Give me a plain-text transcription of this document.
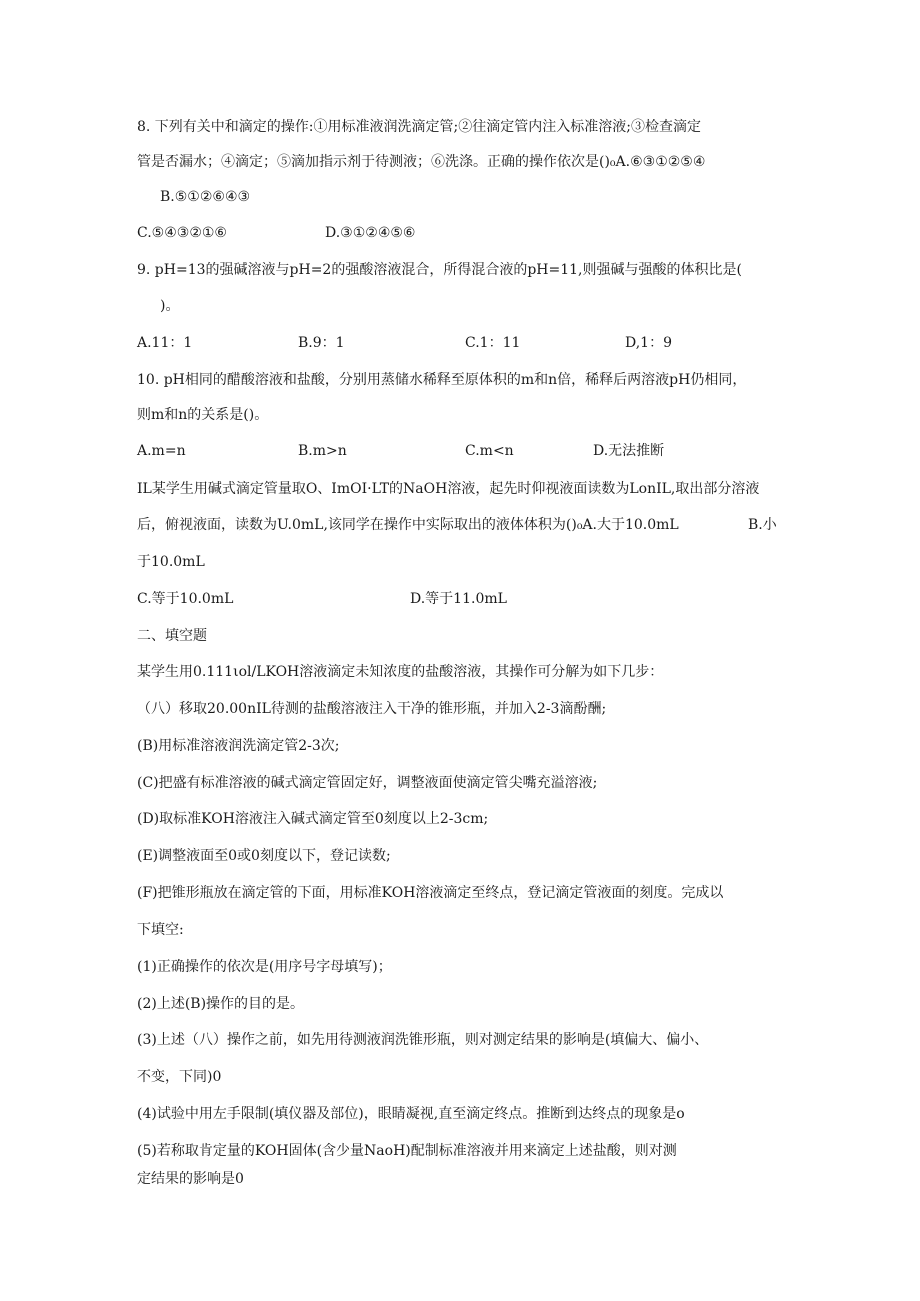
8. 下列有关中和滴定的操作:①用标准液润洗滴定管;②往滴定管内注入标准溶液;③检查滴定
管是否漏水；④滴定；⑤滴加指示剂于待测液；⑥洗涤。正确的操作依次是()₀A.⑥③①②⑤④
B.⑤①②⑥④③
C.⑤④③②①⑥	D.③①②④⑤⑥
9. pH=13的强碱溶液与pH=2的强酸溶液混合，所得混合液的pH=11,则强碱与强酸的体积比是(
)。
A.11：1	B.9：1	C.1：11	D,1：9
10. pH相同的醋酸溶液和盐酸，分别用蒸储水稀释至原体积的m和n倍，稀释后两溶液pH仍相同，
则m和n的关系是()。
A.m=n	B.m>n	C.m<n	D.无法推断
IL某学生用碱式滴定管量取O、ImOI·LT的NaOH溶液，起先时仰视液面读数为LonIL,取出部分溶液
后，俯视液面，读数为U.0mL,该同学在操作中实际取出的液体体积为()₀A.大于10.0mL	B.小
于10.0mL
C.等于10.0mL	D.等于11.0mL
二、填空题
某学生用0.111ιol/LKOH溶液滴定未知浓度的盐酸溶液，其操作可分解为如下几步：
（八）移取20.00nIL待测的盐酸溶液注入干净的锥形瓶，并加入2-3滴酚酬;
(B)用标准溶液润洗滴定管2-3次;
(C)把盛有标准溶液的碱式滴定管固定好，调整液面使滴定管尖嘴充溢溶液;
(D)取标准KOH溶液注入碱式滴定管至0刻度以上2-3cm;
(E)调整液面至0或0刻度以下，登记读数;
(F)把锥形瓶放在滴定管的下面，用标准KOH溶液滴定至终点，登记滴定管液面的刻度。完成以
下填空:
(1)正确操作的依次是(用序号字母填写)；
(2)上述(B)操作的目的是。
(3)上述（八）操作之前，如先用待测液润洗锥形瓶，则对测定结果的影响是(填偏大、偏小、
不变，下同)0
(4)试验中用左手限制(填仪器及部位)，眼睛凝视,直至滴定终点。推断到达终点的现象是o
(5)若称取肯定量的KOH固体(含少量NaoH)配制标准溶液并用来滴定上述盐酸，则对测
定结果的影响是0
